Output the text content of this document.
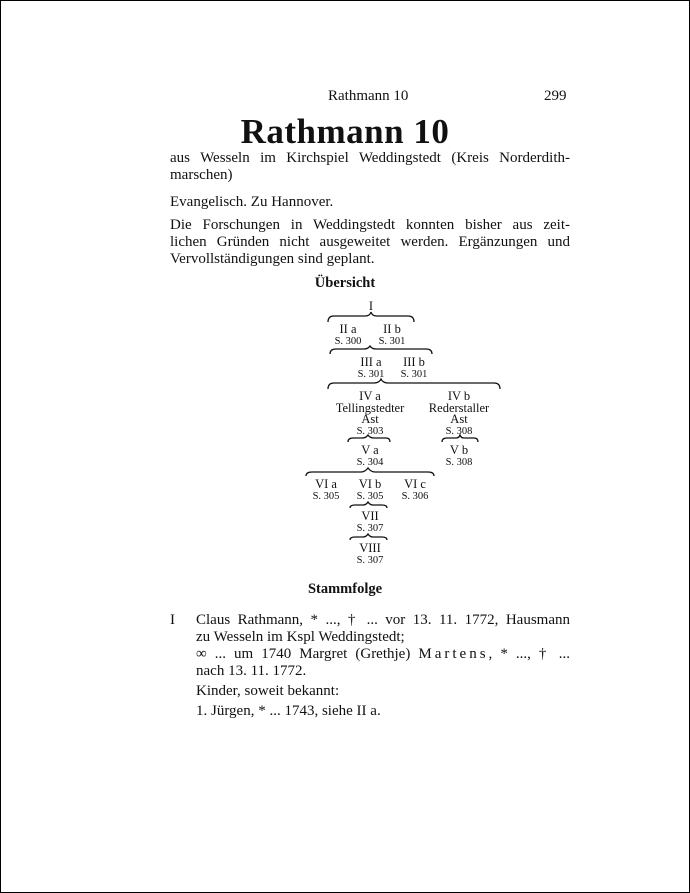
Rathmann 10	299
Rathmann 10
aus Wesseln im Kirchspiel Weddingstedt (Kreis Norderdith-
marschen)
Evangelisch. Zu Hannover.
Die Forschungen in Weddingstedt konnten bisher aus zeit-
lichen Gründen nicht ausgeweitet werden. Ergänzungen und
Vervollständigungen sind geplant.
Übersicht
I
II a
S. 300
II b
S. 301
III a
S. 301
III b
S. 301
IV a
Tellingstedter
Ast
S. 303
IV b
Rederstaller
Ast
S. 308
V a
S. 304
V b
S. 308
VI a
S. 305
VI b
S. 305
VI c
S. 306
VII
S. 307
VIII
S. 307
Stammfolge
I Claus Rathmann, * ..., † ... vor 13. 11. 1772, Hausmann
zu Wesseln im Kspl Weddingstedt;
∞ ... um 1740 Margret (Grethje) Martens, * ..., † ...
nach 13. 11. 1772.
Kinder, soweit bekannt:
1. Jürgen, * ... 1743, siehe II a.
